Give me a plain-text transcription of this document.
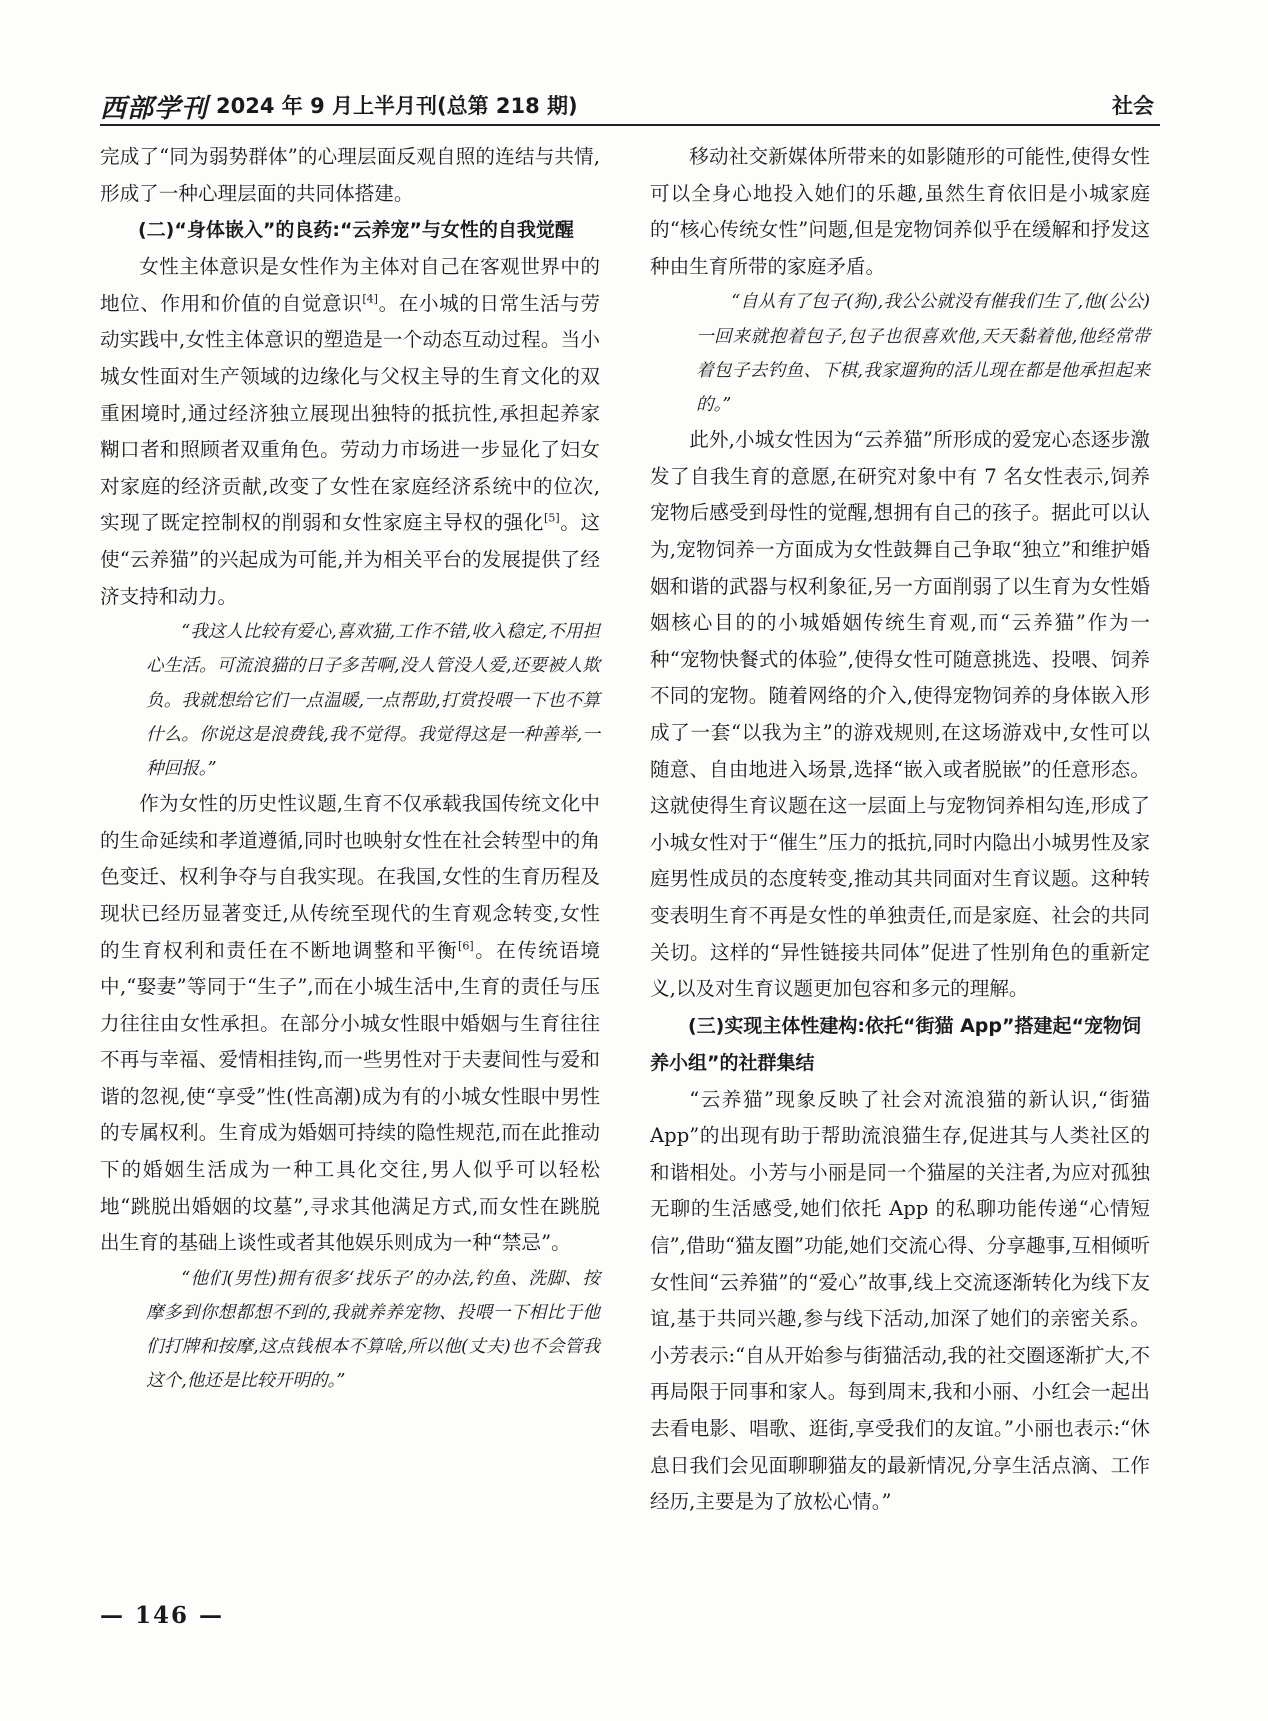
西部学刊 2024 年 9 月上半月刊(总第 218 期)	社会

完成了“同为弱势群体”的心理层面反观自照的连结与共情,形成了一种心理层面的共同体搭建。

(二)“身体嵌入”的良药:“云养宠”与女性的自我觉醒

女性主体意识是女性作为主体对自己在客观世界中的地位、作用和价值的自觉意识[4]。在小城的日常生活与劳动实践中,女性主体意识的塑造是一个动态互动过程。当小城女性面对生产领域的边缘化与父权主导的生育文化的双重困境时,通过经济独立展现出独特的抵抗性,承担起养家糊口者和照顾者双重角色。劳动力市场进一步显化了妇女对家庭的经济贡献,改变了女性在家庭经济系统中的位次,实现了既定控制权的削弱和女性家庭主导权的强化[5]。这使“云养猫”的兴起成为可能,并为相关平台的发展提供了经济支持和动力。

“我这人比较有爱心,喜欢猫,工作不错,收入稳定,不用担心生活。可流浪猫的日子多苦啊,没人管没人爱,还要被人欺负。我就想给它们一点温暖,一点帮助,打赏投喂一下也不算什么。你说这是浪费钱,我不觉得。我觉得这是一种善举,一种回报。”

作为女性的历史性议题,生育不仅承载我国传统文化中的生命延续和孝道遵循,同时也映射女性在社会转型中的角色变迁、权利争夺与自我实现。在我国,女性的生育历程及现状已经历显著变迁,从传统至现代的生育观念转变,女性的生育权利和责任在不断地调整和平衡[6]。在传统语境中,“娶妻”等同于“生子”,而在小城生活中,生育的责任与压力往往由女性承担。在部分小城女性眼中婚姻与生育往往不再与幸福、爱情相挂钩,而一些男性对于夫妻间性与爱和谐的忽视,使“享受”性(性高潮)成为有的小城女性眼中男性的专属权利。生育成为婚姻可持续的隐性规范,而在此推动下的婚姻生活成为一种工具化交往,男人似乎可以轻松地“跳脱出婚姻的坟墓”,寻求其他满足方式,而女性在跳脱出生育的基础上谈性或者其他娱乐则成为一种“禁忌”。

“他们(男性)拥有很多‘找乐子’的办法,钓鱼、洗脚、按摩多到你想都想不到的,我就养养宠物、投喂一下相比于他们打牌和按摩,这点钱根本不算啥,所以他(丈夫)也不会管我这个,他还是比较开明的。”

移动社交新媒体所带来的如影随形的可能性,使得女性可以全身心地投入她们的乐趣,虽然生育依旧是小城家庭的“核心传统女性”问题,但是宠物饲养似乎在缓解和抒发这种由生育所带的家庭矛盾。

“自从有了包子(狗),我公公就没有催我们生了,他(公公)一回来就抱着包子,包子也很喜欢他,天天黏着他,他经常带着包子去钓鱼、下棋,我家遛狗的活儿现在都是他承担起来的。”

此外,小城女性因为“云养猫”所形成的爱宠心态逐步激发了自我生育的意愿,在研究对象中有 7 名女性表示,饲养宠物后感受到母性的觉醒,想拥有自己的孩子。据此可以认为,宠物饲养一方面成为女性鼓舞自己争取“独立”和维护婚姻和谐的武器与权利象征,另一方面削弱了以生育为女性婚姻核心目的的小城婚姻传统生育观,而“云养猫”作为一种“宠物快餐式的体验”,使得女性可随意挑选、投喂、饲养不同的宠物。随着网络的介入,使得宠物饲养的身体嵌入形成了一套“以我为主”的游戏规则,在这场游戏中,女性可以随意、自由地进入场景,选择“嵌入或者脱嵌”的任意形态。这就使得生育议题在这一层面上与宠物饲养相勾连,形成了小城女性对于“催生”压力的抵抗,同时内隐出小城男性及家庭男性成员的态度转变,推动其共同面对生育议题。这种转变表明生育不再是女性的单独责任,而是家庭、社会的共同关切。这样的“异性链接共同体”促进了性别角色的重新定义,以及对生育议题更加包容和多元的理解。

(三)实现主体性建构:依托“街猫 App”搭建起“宠物饲养小组”的社群集结

“云养猫”现象反映了社会对流浪猫的新认识,“街猫 App”的出现有助于帮助流浪猫生存,促进其与人类社区的和谐相处。小芳与小丽是同一个猫屋的关注者,为应对孤独无聊的生活感受,她们依托 App 的私聊功能传递“心情短信”,借助“猫友圈”功能,她们交流心得、分享趣事,互相倾听女性间“云养猫”的“爱心”故事,线上交流逐渐转化为线下友谊,基于共同兴趣,参与线下活动,加深了她们的亲密关系。小芳表示:“自从开始参与街猫活动,我的社交圈逐渐扩大,不再局限于同事和家人。每到周末,我和小丽、小红会一起出去看电影、唱歌、逛街,享受我们的友谊。”小丽也表示:“休息日我们会见面聊聊猫友的最新情况,分享生活点滴、工作经历,主要是为了放松心情。”

— 146 —
